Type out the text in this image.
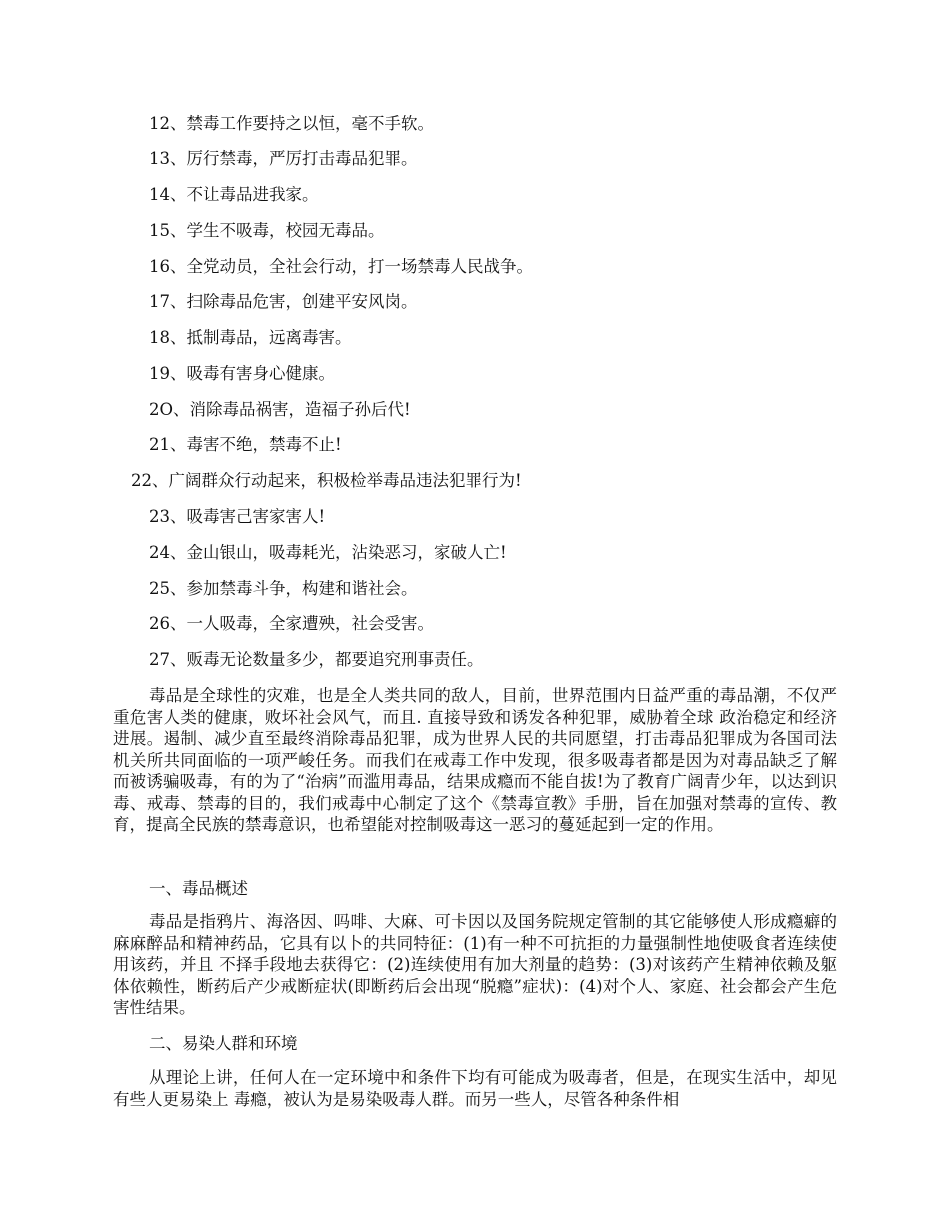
12、禁毒工作要持之以恒，毫不手软。
13、厉行禁毒，严厉打击毒品犯罪。
14、不让毒品进我家。
15、学生不吸毒，校园无毒品。
16、全党动员，全社会行动，打一场禁毒人民战争。
17、扫除毒品危害，创建平安风岗。
18、抵制毒品，远离毒害。
19、吸毒有害身心健康。
2O、消除毒品祸害，造福子孙后代!
21、毒害不绝，禁毒不止!
22、广阔群众行动起来，积极检举毒品违法犯罪行为!
23、吸毒害己害家害人!
24、金山银山，吸毒耗光，沾染恶习，家破人亡!
25、参加禁毒斗争，构建和谐社会。
26、一人吸毒，全家遭殃，社会受害。
27、贩毒无论数量多少，都要追究刑事责任。
毒品是全球性的灾难，也是全人类共同的敌人，目前，世界范围内日益严重的毒品潮，不仅严重危害人类的健康，败坏社会风气，而且. 直接导致和诱发各种犯罪，威胁着全球 政治稳定和经济进展。遏制、减少直至最终消除毒品犯罪，成为世界人民的共同愿望，打击毒品犯罪成为各国司法机关所共同面临的一项严峻任务。而我们在戒毒工作中发现，很多吸毒者都是因为对毒品缺乏了解而被诱骗吸毒，有的为了“治病”而滥用毒品，结果成瘾而不能自拔!为了教育广阔青少年，以达到识毒、戒毒、禁毒的目的，我们戒毒中心制定了这个《禁毒宣教》手册，旨在加强对禁毒的宣传、教育，提高全民族的禁毒意识，也希望能对控制吸毒这一恶习的蔓延起到一定的作用。
一、毒品概述
毒品是指鸦片、海洛因、吗啡、大麻、可卡因以及国务院规定管制的其它能够使人形成瘾癖的麻麻醉品和精神药品，它具有以卜的共同特征：(1)有一种不可抗拒的力量强制性地使吸食者连续使用该药，并且 不择手段地去获得它：(2)连续使用有加大剂量的趋势：(3)对该药产生精神依赖及躯体依赖性，断药后产少戒断症状(即断药后会出现“脱瘾”症状)：(4)对个人、家庭、社会都会产生危害性结果。
二、易染人群和环境
从理论上讲，任何人在一定环境中和条件下均有可能成为吸毒者，但是，在现实生活中，却见有些人更易染上 毒瘾，被认为是易染吸毒人群。而另一些人，尽管各种条件相
